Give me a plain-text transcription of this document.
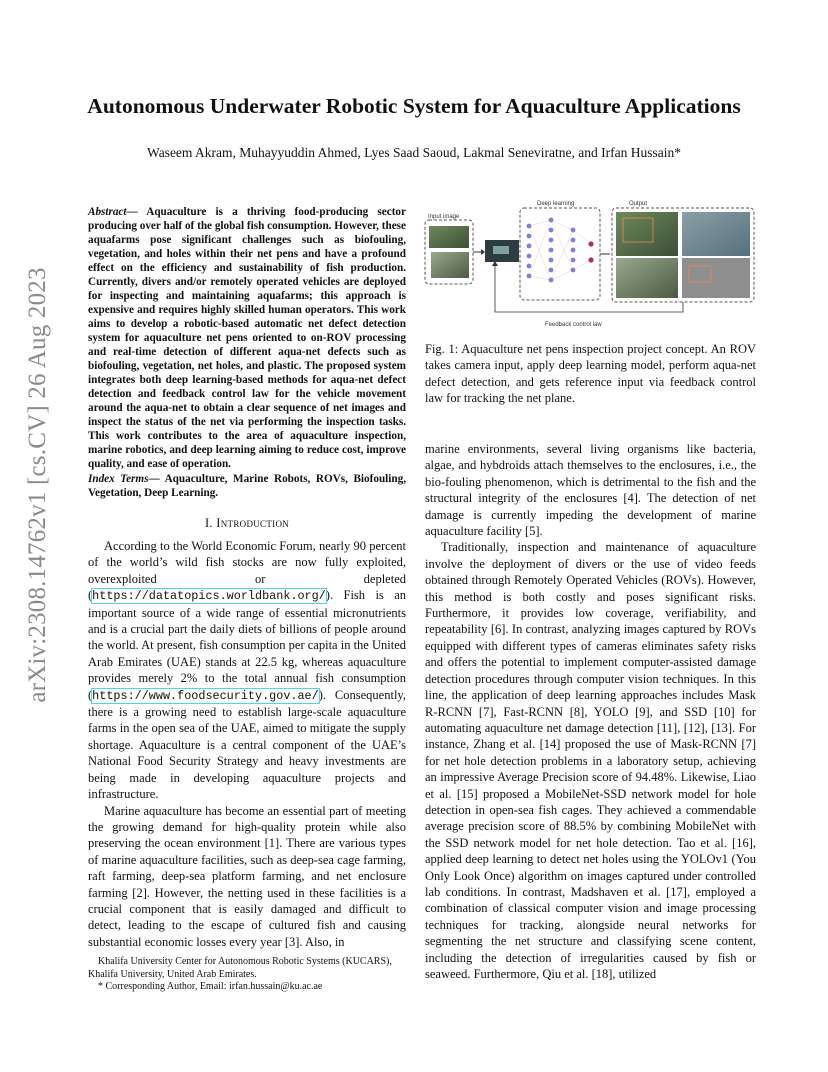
arXiv:2308.14762v1 [cs.CV] 26 Aug 2023
Autonomous Underwater Robotic System for Aquaculture Applications
Waseem Akram, Muhayyuddin Ahmed, Lyes Saad Saoud, Lakmal Seneviratne, and Irfan Hussain*
Abstract— Aquaculture is a thriving food-producing sector producing over half of the global fish consumption. However, these aquafarms pose significant challenges such as biofouling, vegetation, and holes within their net pens and have a profound effect on the efficiency and sustainability of fish production. Currently, divers and/or remotely operated vehicles are deployed for inspecting and maintaining aquafarms; this approach is expensive and requires highly skilled human operators. This work aims to develop a robotic-based automatic net defect detection system for aquaculture net pens oriented to on-ROV processing and real-time detection of different aqua-net defects such as biofouling, vegetation, net holes, and plastic. The proposed system integrates both deep learning-based methods for aqua-net defect detection and feedback control law for the vehicle movement around the aqua-net to obtain a clear sequence of net images and inspect the status of the net via performing the inspection tasks. This work contributes to the area of aquaculture inspection, marine robotics, and deep learning aiming to reduce cost, improve quality, and ease of operation.
Index Terms— Aquaculture, Marine Robots, ROVs, Biofouling, Vegetation, Deep Learning.
I. Introduction

According to the World Economic Forum, nearly 90 percent of the world’s wild fish stocks are now fully exploited, overexploited or depleted (https://datatopics.worldbank.org/). Fish is an important source of a wide range of essential micronutrients and is a crucial part the daily diets of billions of people around the world. At present, fish consumption per capita in the United Arab Emirates (UAE) stands at 22.5 kg, whereas aquaculture provides merely 2% to the total annual fish consumption (https://www.foodsecurity.gov.ae/). Consequently, there is a growing need to establish large-scale aquaculture farms in the open sea of the UAE, aimed to mitigate the supply shortage. Aquaculture is a central component of the UAE’s National Food Security Strategy and heavy investments are being made in developing aquaculture projects and infrastructure.

Marine aquaculture has become an essential part of meeting the growing demand for high-quality protein while also preserving the ocean environment [1]. There are various types of marine aquaculture facilities, such as deep-sea cage farming, raft farming, deep-sea platform farming, and net enclosure farming [2]. However, the netting used in these facilities is a crucial component that is easily damaged and difficult to detect, leading to the escape of cultured fish and causing substantial economic losses every year [3]. Also, in

Khalifa University Center for Autonomous Robotic Systems (KUCARS),
Khalifa University, United Arab Emirates.
* Corresponding Author, Email: irfan.hussain@ku.ac.ae
Input image
Deep learning	Output
Feedback control law
Fig. 1: Aquaculture net pens inspection project concept. An ROV takes camera input, apply deep learning model, perform aqua-net defect detection, and gets reference input via feedback control law for tracking the net plane.

marine environments, several living organisms like bacteria, algae, and hybdroids attach themselves to the enclosures, i.e., the bio-fouling phenomenon, which is detrimental to the fish and the structural integrity of the enclosures [4]. The detection of net damage is currently impeding the development of marine aquaculture facility [5].

Traditionally, inspection and maintenance of aquaculture involve the deployment of divers or the use of video feeds obtained through Remotely Operated Vehicles (ROVs). However, this method is both costly and poses significant risks. Furthermore, it provides low coverage, verifiability, and repeatability [6]. In contrast, analyzing images captured by ROVs equipped with different types of cameras eliminates safety risks and offers the potential to implement computer-assisted damage detection procedures through computer vision techniques. In this line, the application of deep learning approaches includes Mask R-RCNN [7], Fast-RCNN [8], YOLO [9], and SSD [10] for automating aquaculture net damage detection [11], [12], [13]. For instance, Zhang et al. [14] proposed the use of Mask-RCNN [7] for net hole detection problems in a laboratory setup, achieving an impressive Average Precision score of 94.48%. Likewise, Liao et al. [15] proposed a MobileNet-SSD network model for hole detection in open-sea fish cages. They achieved a commendable average precision score of 88.5% by combining MobileNet with the SSD network model for net hole detection. Tao et al. [16], applied deep learning to detect net holes using the YOLOv1 (You Only Look Once) algorithm on images captured under controlled lab conditions. In contrast, Madshaven et al. [17], employed a combination of classical computer vision and image processing techniques for tracking, alongside neural networks for segmenting the net structure and classifying scene content, including the detection of irregularities caused by fish or seaweed. Furthermore, Qiu et al. [18], utilized
